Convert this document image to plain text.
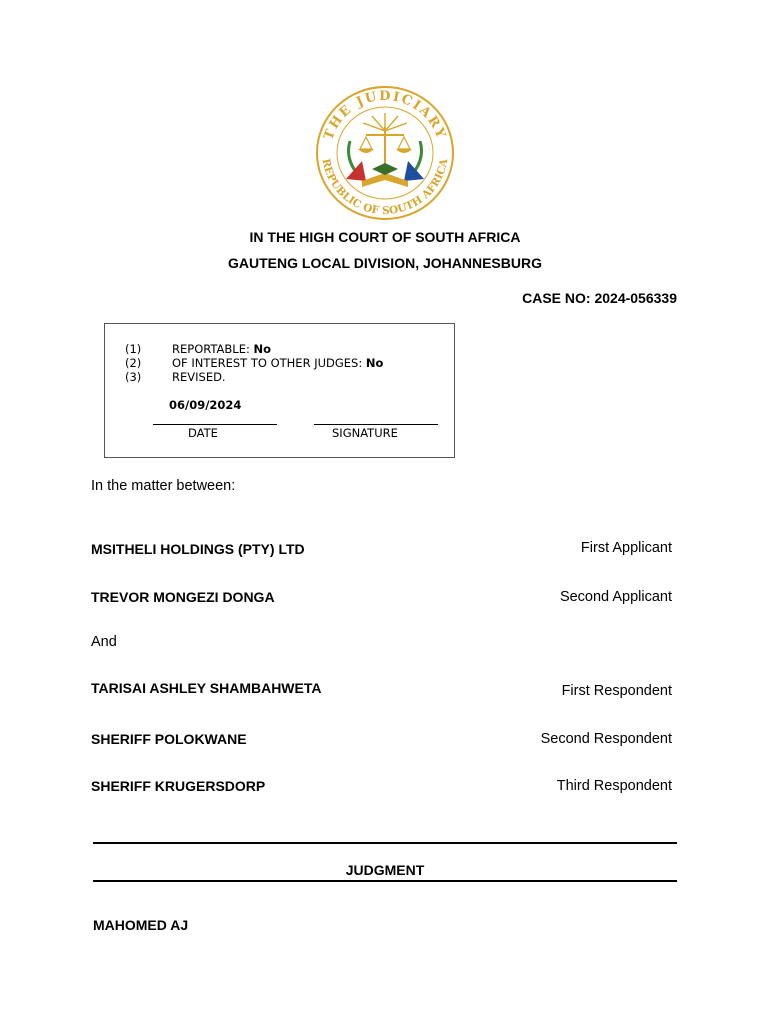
THE JUDICIARY
REPUBLIC OF SOUTH AFRICA
IN THE HIGH COURT OF SOUTH AFRICA
GAUTENG LOCAL DIVISION, JOHANNESBURG
CASE NO: 2024-056339
(1)	REPORTABLE: No
(2)	OF INTEREST TO OTHER JUDGES: No
(3)	REVISED.
06/09/2024
DATE	SIGNATURE
In the matter between:
MSITHELI HOLDINGS (PTY) LTD	First Applicant
TREVOR MONGEZI DONGA	Second Applicant
And
TARISAI ASHLEY SHAMBAHWETA	First Respondent
SHERIFF POLOKWANE	Second Respondent
SHERIFF KRUGERSDORP	Third Respondent
JUDGMENT
MAHOMED AJ
